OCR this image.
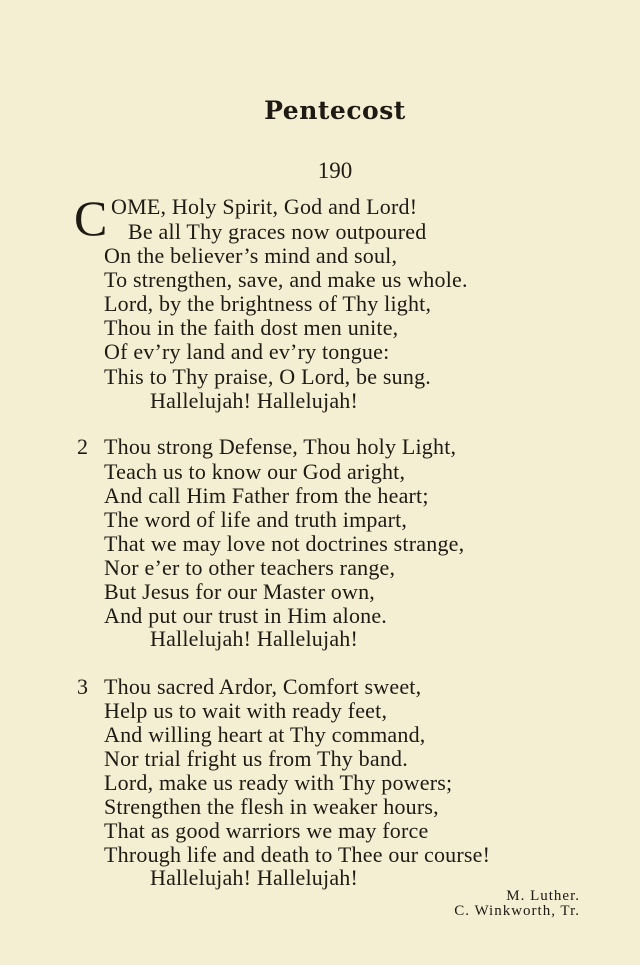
Pentecost
190
C OME, Holy Spirit, God and Lord!
Be all Thy graces now outpoured
On the believer’s mind and soul,
To strengthen, save, and make us whole.
Lord, by the brightness of Thy light,
Thou in the faith dost men unite,
Of ev’ry land and ev’ry tongue:
This to Thy praise, O Lord, be sung.
Hallelujah! Hallelujah!
2 Thou strong Defense, Thou holy Light,
Teach us to know our God aright,
And call Him Father from the heart;
The word of life and truth impart,
That we may love not doctrines strange,
Nor e’er to other teachers range,
But Jesus for our Master own,
And put our trust in Him alone.
Hallelujah! Hallelujah!
3 Thou sacred Ardor, Comfort sweet,
Help us to wait with ready feet,
And willing heart at Thy command,
Nor trial fright us from Thy band.
Lord, make us ready with Thy powers;
Strengthen the flesh in weaker hours,
That as good warriors we may force
Through life and death to Thee our course!
Hallelujah! Hallelujah!
M. Luther.
C. Winkworth, Tr.
